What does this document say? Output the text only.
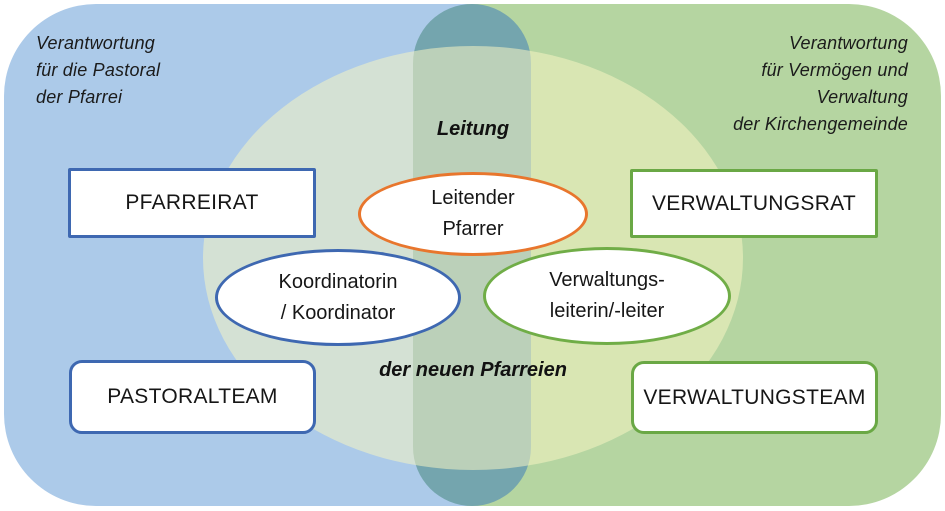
Verantwortung
für die Pastoral
der Pfarrei
Verantwortung
für Vermögen und
Verwaltung
der Kirchengemeinde
Leitung
der neuen Pfarreien
PFARREIRAT	VERWALTUNGSRAT
PASTORALTEAM	VERWALTUNGSTEAM
Leitender
Pfarrer
Koordinatorin
/ Koordinator
Verwaltungs-
leiterin/-leiter
